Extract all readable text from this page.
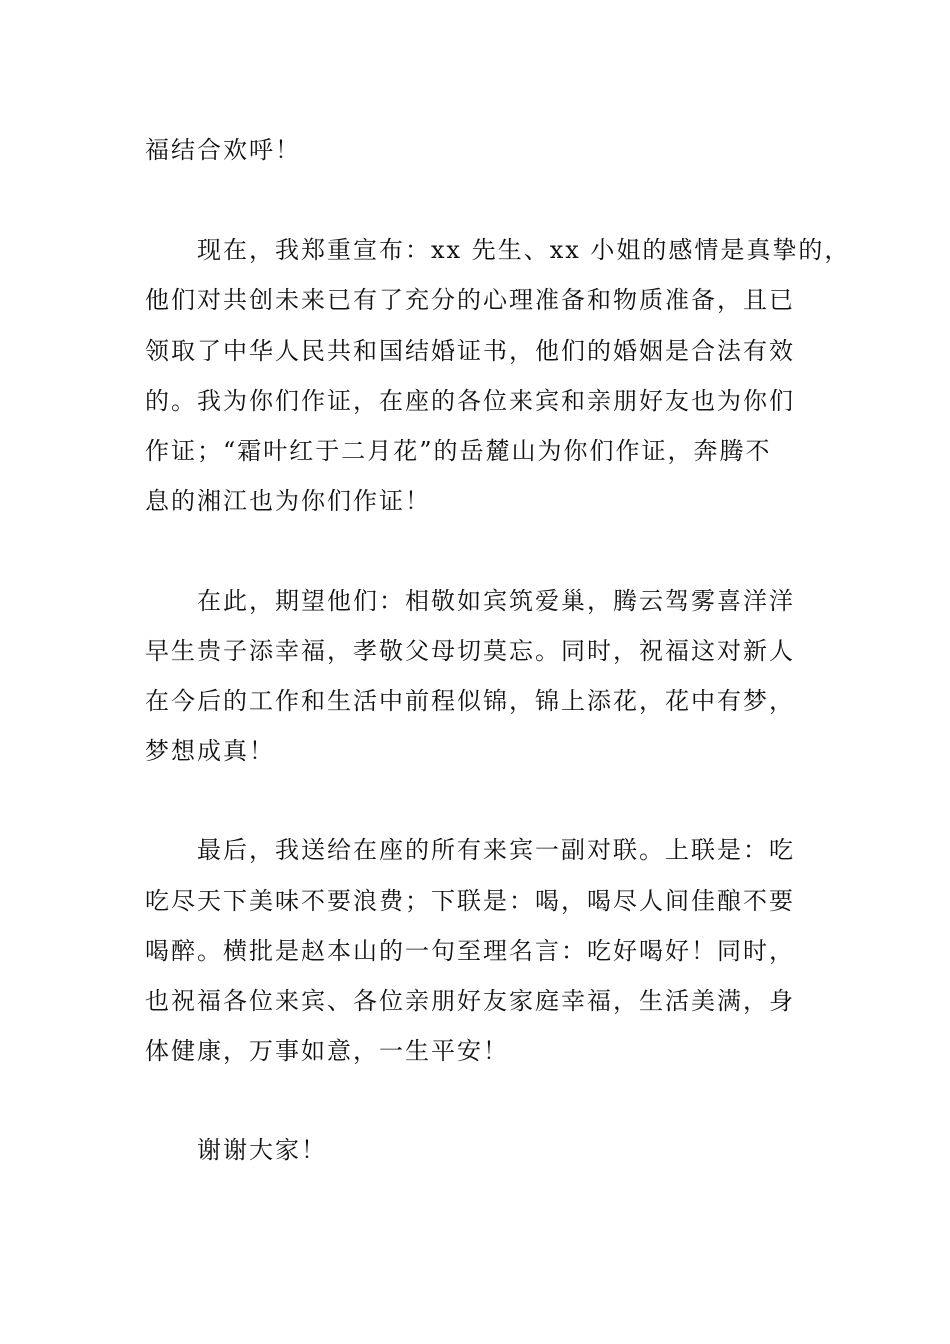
福结合欢呼！
现在，我郑重宣布：xx 先生、xx 小姐的感情是真挚的，
他们对共创未来已有了充分的心理准备和物质准备，且已
领取了中华人民共和国结婚证书，他们的婚姻是合法有效
的。我为你们作证，在座的各位来宾和亲朋好友也为你们
作证；“霜叶红于二月花”的岳麓山为你们作证，奔腾不
息的湘江也为你们作证！
在此，期望他们：相敬如宾筑爱巢，腾云驾雾喜洋洋
早生贵子添幸福，孝敬父母切莫忘。同时，祝福这对新人
在今后的工作和生活中前程似锦，锦上添花，花中有梦，
梦想成真！
最后，我送给在座的所有来宾一副对联。上联是：吃
吃尽天下美味不要浪费；下联是：喝，喝尽人间佳酿不要
喝醉。横批是赵本山的一句至理名言：吃好喝好！同时，
也祝福各位来宾、各位亲朋好友家庭幸福，生活美满，身
体健康，万事如意，一生平安！
谢谢大家！
